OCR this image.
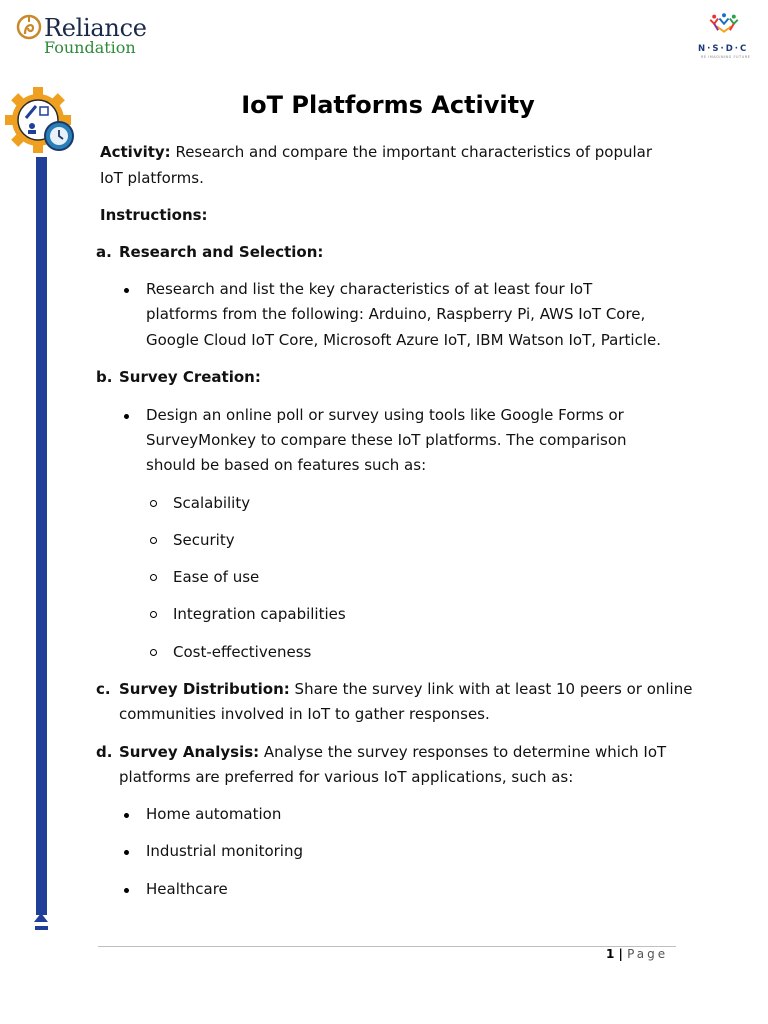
Reliance
Foundation	N·S·D·C
RE IMAGINING FUTURE
IoT Platforms Activity
Activity: Research and compare the important characteristics of popular
IoT platforms.
Instructions:
a. Research and Selection:
Research and list the key characteristics of at least four IoT
platforms from the following: Arduino, Raspberry Pi, AWS IoT Core,
Google Cloud IoT Core, Microsoft Azure IoT, IBM Watson IoT, Particle.
b. Survey Creation:
Design an online poll or survey using tools like Google Forms or
SurveyMonkey to compare these IoT platforms. The comparison
should be based on features such as:
Scalability
Security
Ease of use
Integration capabilities
Cost-effectiveness
c. Survey Distribution: Share the survey link with at least 10 peers or online
communities involved in IoT to gather responses.
d. Survey Analysis: Analyse the survey responses to determine which IoT
platforms are preferred for various IoT applications, such as:
Home automation
Industrial monitoring
Healthcare
1 | Page
